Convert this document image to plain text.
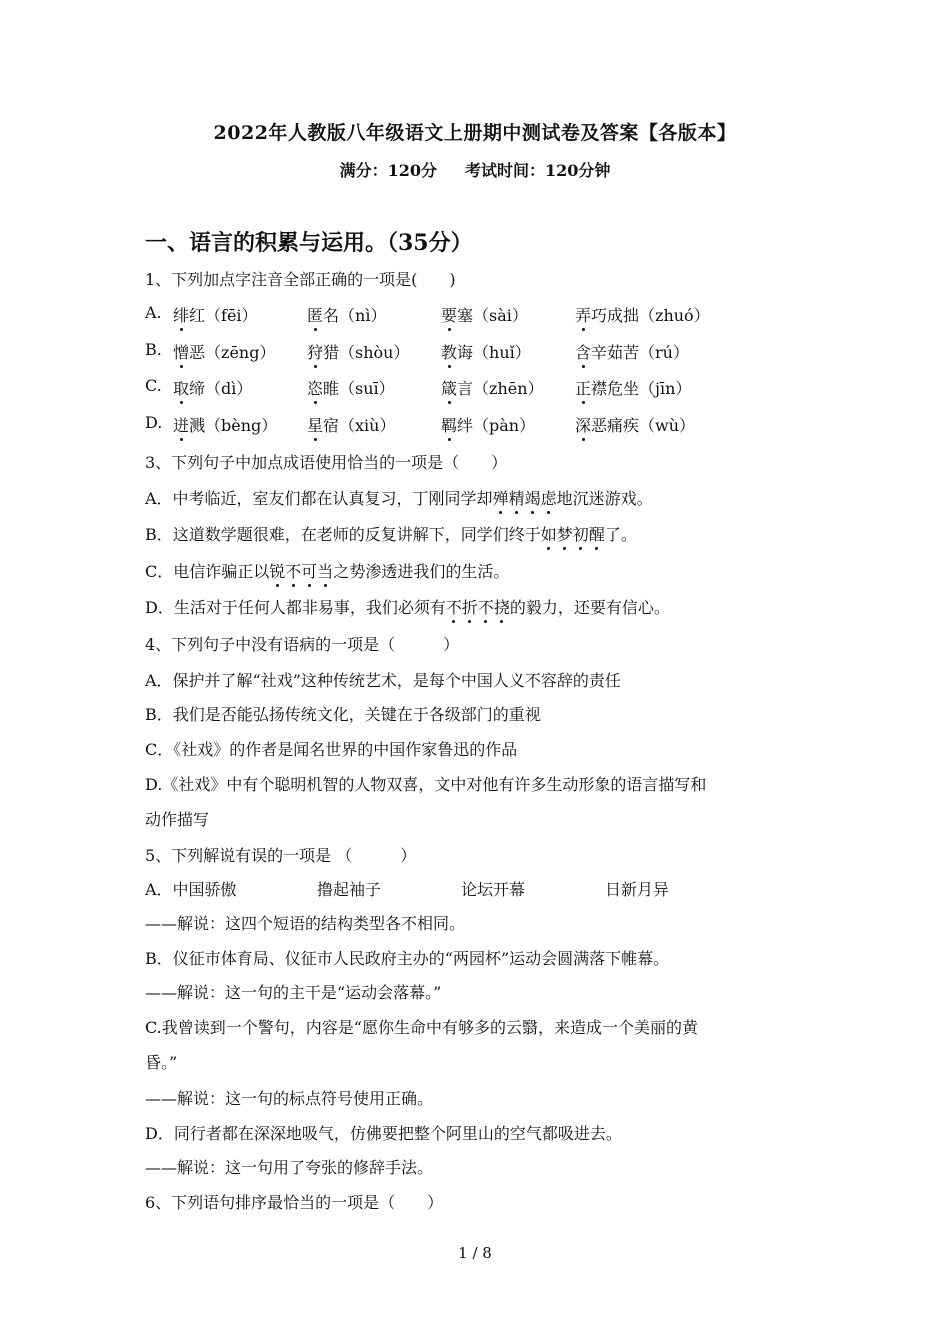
2022年人教版八年级语文上册期中测试卷及答案【各版本】
满分：120分 考试时间：120分钟
一、语言的积累与运用。（35分）
1、下列加点字注音全部正确的一项是(　　)
A. 绯红（fēi）	匿名（nì）	要塞（sài）	弄巧成拙（zhuó）
B. 憎恶（zēng） 狩猎（shòu） 教诲（huǐ）	含辛茹苦（rú）
C. 取缔（dì）	恣睢（suī）	箴言（zhēn） 正襟危坐（jīn）
D. 迸溅（bèng） 星宿（xiù）	羁绊（pàn） 深恶痛疾（wù）
3、下列句子中加点成语使用恰当的一项是（　　）
A．中考临近，室友们都在认真复习，丁刚同学却殚精竭虑地沉迷游戏。
B．这道数学题很难，在老师的反复讲解下，同学们终于如梦初醒了。
C．电信诈骗正以锐不可当之势渗透进我们的生活。
D．生活对于任何人都非易事，我们必须有不折不挠的毅力，还要有信心。
4、下列句子中没有语病的一项是（　　　）
A．保护并了解“社戏”这种传统艺术，是每个中国人义不容辞的责任
B．我们是否能弘扬传统文化，关键在于各级部门的重视
C．《社戏》的作者是闻名世界的中国作家鲁迅的作品
D.《社戏》中有个聪明机智的人物双喜，文中对他有许多生动形象的语言描写和
动作描写
5、下列解说有误的一项是 （　　　）
A．中国骄傲	撸起袖子	论坛开幕	日新月异
——解说：这四个短语的结构类型各不相同。
B．仪征市体育局、仪征市人民政府主办的“两园杯”运动会圆满落下帷幕。
——解说：这一句的主干是“运动会落幕。”
C.我曾读到一个警句，内容是“愿你生命中有够多的云翳，来造成一个美丽的黄
昏。”
——解说：这一句的标点符号使用正确。
D．同行者都在深深地吸气，仿佛要把整个阿里山的空气都吸进去。
——解说：这一句用了夸张的修辞手法。
6、下列语句排序最恰当的一项是（　　）
1 / 8
